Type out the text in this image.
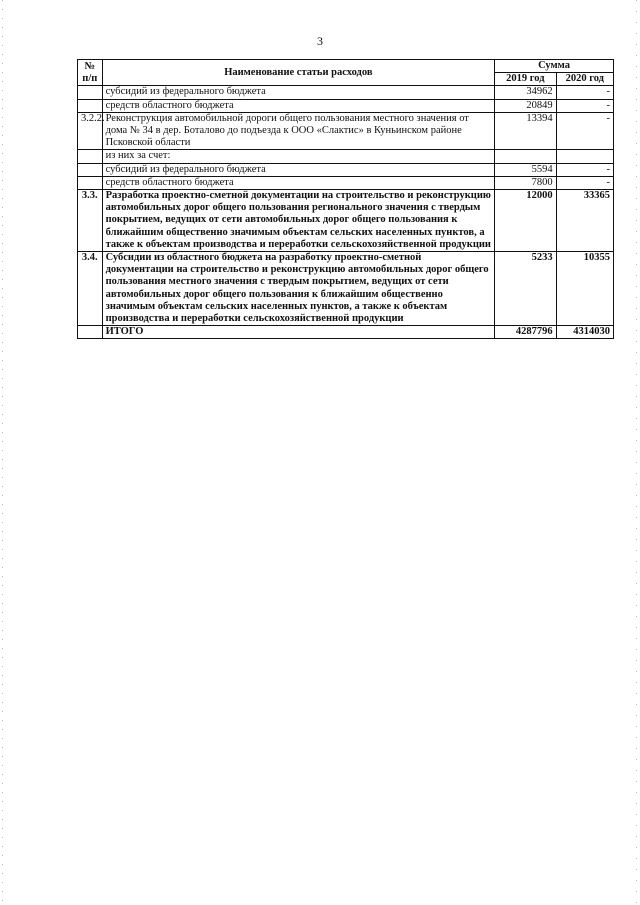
3
№ п/п	Наименование статьи расходов	Сумма	
		2019 год	2020 год
	субсидий из федерального бюджета	34962	-
	средств областного бюджета	20849	-
3.2.2.	Реконструкция автомобильной дороги общего пользования местного значения от дома № 34 в дер. Боталово до подъезда к ООО «Слактис» в Куньинском районе Псковской области	13394	-
	из них за счет:		
	субсидий из федерального бюджета	5594	-
	средств областного бюджета	7800	-
3.3.	Разработка проектно-сметной документации на строительство и реконструкцию автомобильных дорог общего пользования регионального значения с твердым покрытием, ведущих от сети автомобильных дорог общего пользования к ближайшим общественно значимым объектам сельских населенных пунктов, а также к объектам производства и переработки сельскохозяйственной продукции	12000	33365
3.4.	Субсидии из областного бюджета на разработку проектно-сметной документации на строительство и реконструкцию автомобильных дорог общего пользования местного значения с твердым покрытием, ведущих от сети автомобильных дорог общего пользования к ближайшим общественно значимым объектам сельских населенных пунктов, а также к объектам производства и переработки сельскохозяйственной продукции	5233	10355
	ИТОГО	4287796	4314030
